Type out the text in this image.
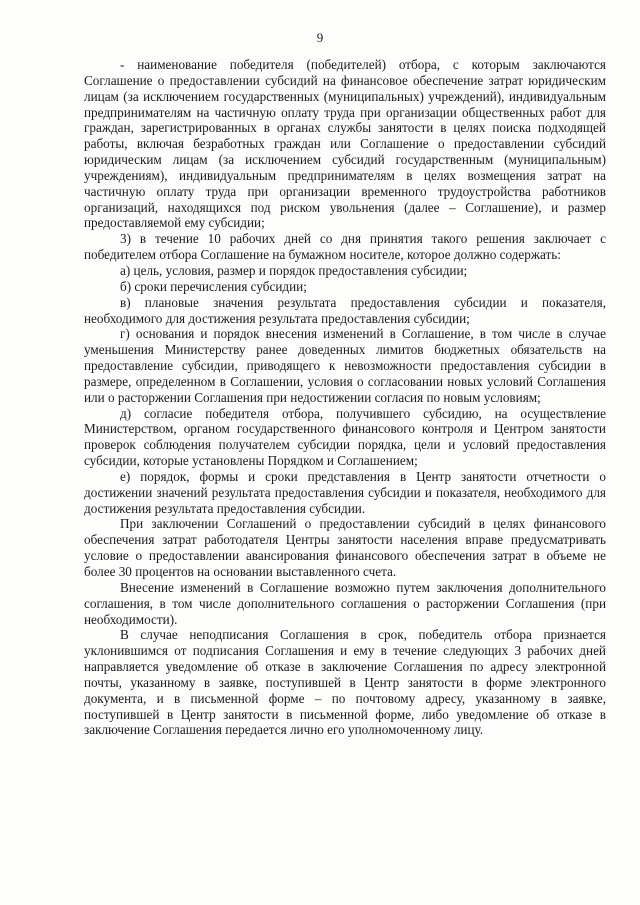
9

- наименование победителя (победителей) отбора, с которым заключаются Соглашение о предоставлении субсидий на финансовое обеспечение затрат юридическим лицам (за исключением государственных (муниципальных) учреждений), индивидуальным предпринимателям на частичную оплату труда при организации общественных работ для граждан, зарегистрированных в органах службы занятости в целях поиска подходящей работы, включая безработных граждан или Соглашение о предоставлении субсидий юридическим лицам (за исключением субсидий государственным (муниципальным) учреждениям), индивидуальным предпринимателям в целях возмещения затрат на частичную оплату труда при организации временного трудоустройства работников организаций, находящихся под риском увольнения (далее – Соглашение), и размер предоставляемой ему субсидии;

3) в течение 10 рабочих дней со дня принятия такого решения заключает с победителем отбора Соглашение на бумажном носителе, которое должно содержать:

а) цель, условия, размер и порядок предоставления субсидии;

б) сроки перечисления субсидии;

в) плановые значения результата предоставления субсидии и показателя, необходимого для достижения результата предоставления субсидии;

г) основания и порядок внесения изменений в Соглашение, в том числе в случае уменьшения Министерству ранее доведенных лимитов бюджетных обязательств на предоставление субсидии, приводящего к невозможности предоставления субсидии в размере, определенном в Соглашении, условия о согласовании новых условий Соглашения или о расторжении Соглашения при недостижении согласия по новым условиям;

д) согласие победителя отбора, получившего субсидию, на осуществление Министерством, органом государственного финансового контроля и Центром занятости проверок соблюдения получателем субсидии порядка, цели и условий предоставления субсидии, которые установлены Порядком и Соглашением;

е) порядок, формы и сроки представления в Центр занятости отчетности о достижении значений результата предоставления субсидии и показателя, необходимого для достижения результата предоставления субсидии.

При заключении Соглашений о предоставлении субсидий в целях финансового обеспечения затрат работодателя Центры занятости населения вправе предусматривать условие о предоставлении авансирования финансового обеспечения затрат в объеме не более 30 процентов на основании выставленного счета.

Внесение изменений в Соглашение возможно путем заключения дополнительного соглашения, в том числе дополнительного соглашения о расторжении Соглашения (при необходимости).

В случае неподписания Соглашения в срок, победитель отбора признается уклонившимся от подписания Соглашения и ему в течение следующих 3 рабочих дней направляется уведомление об отказе в заключение Соглашения по адресу электронной почты, указанному в заявке, поступившей в Центр занятости в форме электронного документа, и в письменной форме – по почтовому адресу, указанному в заявке, поступившей в Центр занятости в письменной форме, либо уведомление об отказе в заключение Соглашения передается лично его уполномоченному лицу.
